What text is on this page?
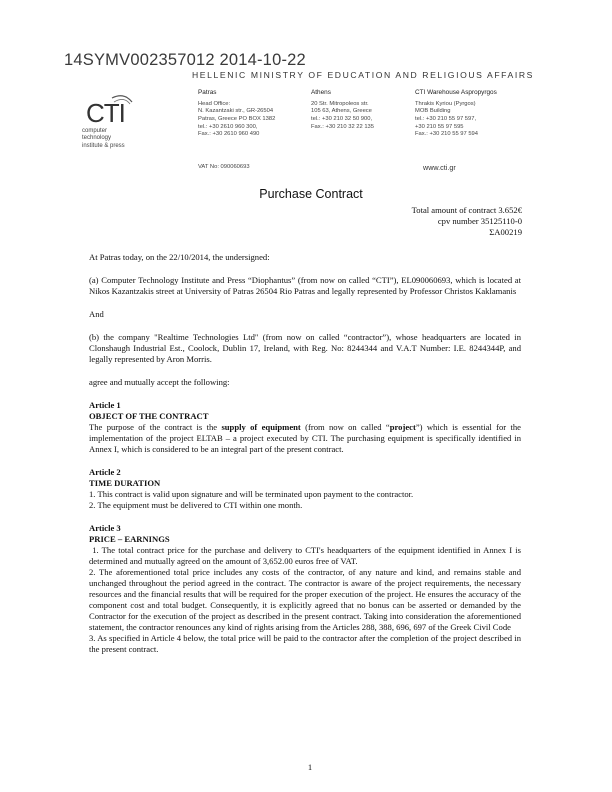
14SYMV002357012 2014-10-22
HELLENIC MINISTRY OF EDUCATION AND RELIGIOUS AFFAIRS
CTI
computer
technology
institute & press
Patras
Head Office:
N. Kazantzaki str., GR-26504
Patras, Greece PO BOX 1382
tel.: +30 2610 960 300,
Fax.: +30 2610 960 490
Athens
20 Str. Mitropoleos str.
105 63, Athens, Greece
tel.: +30 210 32 50 900,
Fax.: +30 210 32 22 135
CTI Warehouse Aspropyrgos
Thrakis Kyriou (Pyrgos)
MOB Building
tel.: +30 210 55 97 597,
+30 210 55 97 595
Fax.: +30 210 55 97 594
VAT No: 090060693	www.cti.gr
Purchase Contract
Total amount of contract 3.652€
cpv number 35125110-0
ΣΑ00219

At Patras today, on the 22/10/2014, the undersigned:

(a) Computer Technology Institute and Press “Diophantus” (from now on called “CTI”), EL090060693, which is located at Nikos Kazantzakis street at University of Patras 26504 Rio Patras and legally represented by Professor Christos Kaklamanis

And

(b) the company "Realtime Technologies Ltd" (from now on called “contractor”), whose headquarters are located in Clonshaugh Industrial Est., Coolock, Dublin 17, Ireland, with Reg. No: 8244344 and V.A.T Number: I.E. 8244344P, and legally represented by Aron Morris.

agree and mutually accept the following:

Article 1

OBJECT OF THE CONTRACT

The purpose of the contract is the supply of equipment (from now on called “project”) which is essential for the implementation of the project ELTAB – a project executed by CTI. The purchasing equipment is specifically identified in Annex I, which is considered to be an integral part of the present contract.

Article 2

TIME DURATION

1. This contract is valid upon signature and will be terminated upon payment to the contractor.

2. The equipment must be delivered to CTI within one month.

Article 3

PRICE – EARNINGS

1. The total contract price for the purchase and delivery to CTI's headquarters of the equipment identified in Annex I is determined and mutually agreed on the amount of 3,652.00 euros free of VAT.

2. The aforementioned total price includes any costs of the contractor, of any nature and kind, and remains stable and unchanged throughout the period agreed in the contract. The contractor is aware of the project requirements, the necessary resources and the financial results that will be required for the proper execution of the project. He ensures the accuracy of the component cost and total budget. Consequently, it is explicitly agreed that no bonus can be asserted or demanded by the Contractor for the execution of the project as described in the present contract. Taking into consideration the aforementioned statement, the contractor renounces any kind of rights arising from the Articles 288, 388, 696, 697 of the Greek Civil Code

3. As specified in Article 4 below, the total price will be paid to the contractor after the completion of the project described in the present contract.

1
